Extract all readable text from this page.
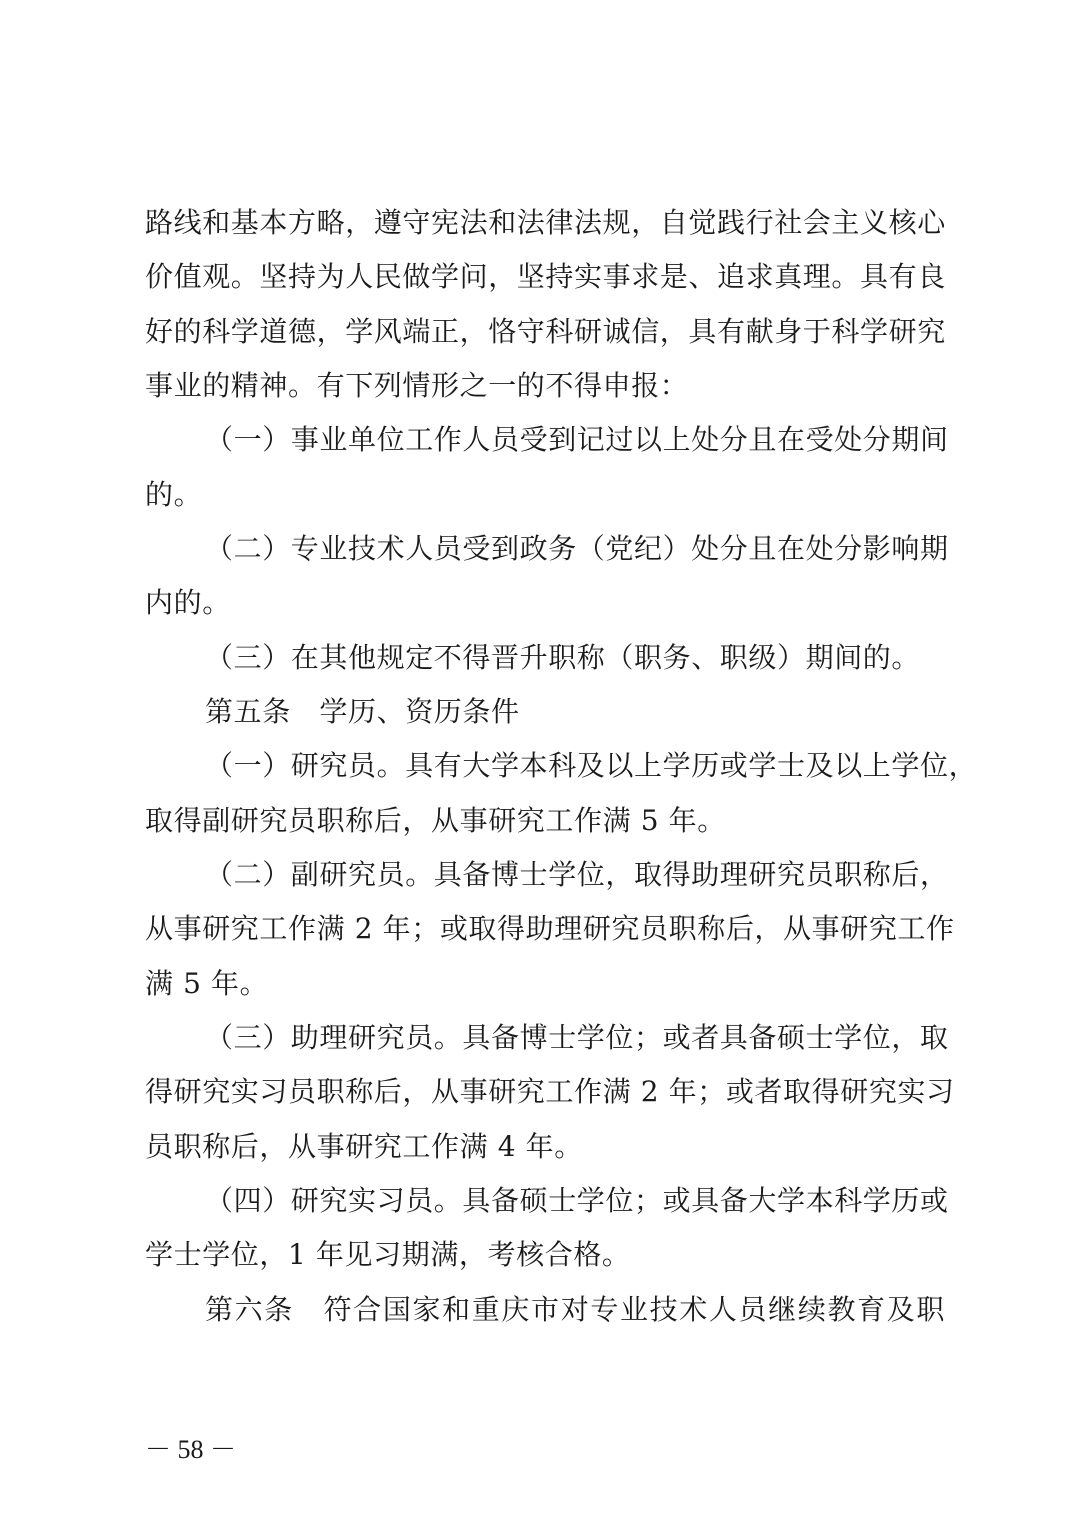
路线和基本方略，遵守宪法和法律法规，自觉践行社会主义核心
价值观。坚持为人民做学问，坚持实事求是、追求真理。具有良
好的科学道德，学风端正，恪守科研诚信，具有献身于科学研究
事业的精神。有下列情形之一的不得申报：
（一）事业单位工作人员受到记过以上处分且在受处分期间
的。
（二）专业技术人员受到政务（党纪）处分且在处分影响期
内的。
（三）在其他规定不得晋升职称（职务、职级）期间的。
第五条　学历、资历条件
（一）研究员。具有大学本科及以上学历或学士及以上学位，
取得副研究员职称后，从事研究工作满 5 年。
（二）副研究员。具备博士学位，取得助理研究员职称后，
从事研究工作满 2 年；或取得助理研究员职称后，从事研究工作
满 5 年。
（三）助理研究员。具备博士学位；或者具备硕士学位，取
得研究实习员职称后，从事研究工作满 2 年；或者取得研究实习
员职称后，从事研究工作满 4 年。
（四）研究实习员。具备硕士学位；或具备大学本科学历或
学士学位，1 年见习期满，考核合格。
第六条　符合国家和重庆市对专业技术人员继续教育及职
－ 58 －
